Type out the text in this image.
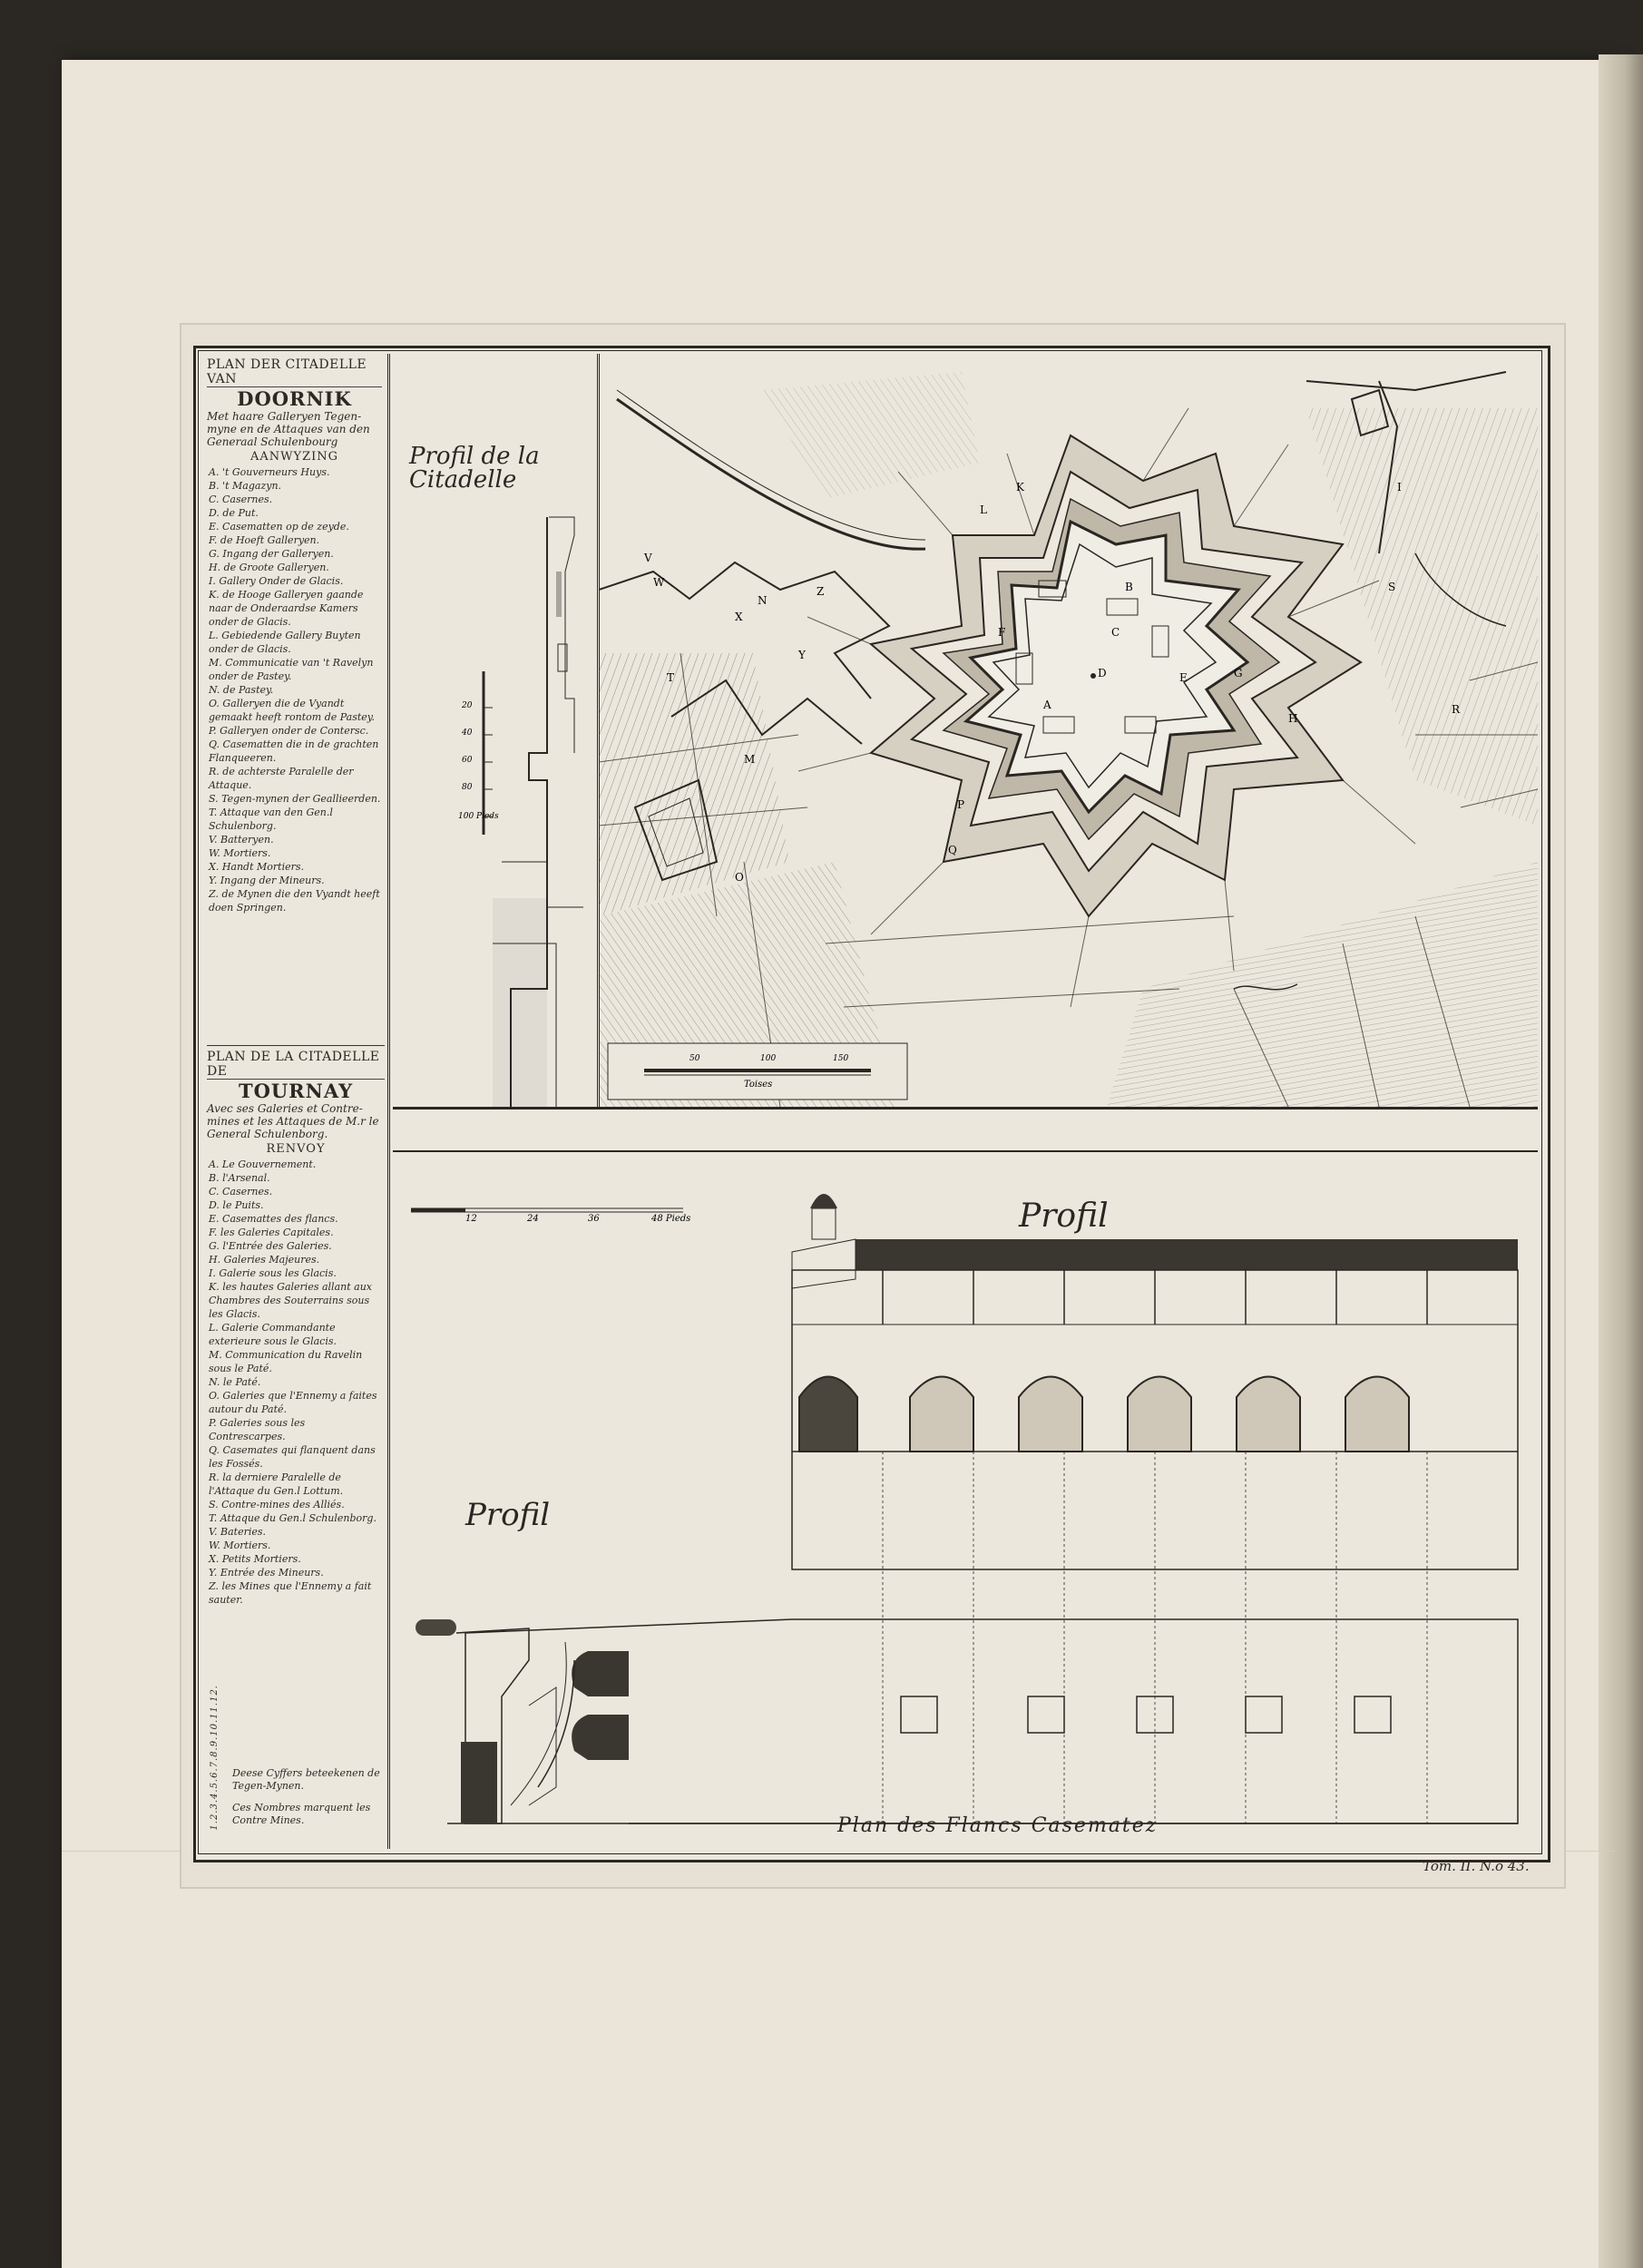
PLAN DER CITADELLE VAN
DOORNIK
Met haare Galleryen Tegen-myne en de Attaques van den Generaal Schulenbourg
AANWYZING
A. 't Gouverneurs Huys.
B. 't Magazyn.
C. Casernes.
D. de Put.
E. Casematten op de zeyde.
F. de Hoeft Galleryen.
G. Ingang der Galleryen.
H. de Groote Galleryen.
I. Gallery Onder de Glacis.
K. de Hooge Galleryen gaande naar de Onderaardse Kamers onder de Glacis.
L. Gebiedende Gallery Buyten onder de Glacis.
M. Communicatie van 't Ravelyn onder de Pastey.
N. de Pastey.
O. Galleryen die de Vyandt gemaakt heeft rontom de Pastey.
P. Galleryen onder de Contersc.
Q. Casematten die in de grachten Flanqueeren.
R. de achterste Paralelle der Attaque.
S. Tegen-mynen der Geallieerden.
T. Attaque van den Gen.l Schulenborg.
V. Batteryen.
W. Mortiers.
X. Handt Mortiers.
Y. Ingang der Mineurs.
Z. de Mynen die den Vyandt heeft doen Springen.
PLAN DE LA CITADELLE DE
TOURNAY
Avec ses Galeries et Contre-mines et les Attaques de M.r le General Schulenborg.
RENVOY
A. Le Gouvernement.
B. l'Arsenal.
C. Casernes.
D. le Puits.
E. Casemattes des flancs.
F. les Galeries Capitales.
G. l'Entrée des Galeries.
H. Galeries Majeures.
I. Galerie sous les Glacis.
K. les hautes Galeries allant aux Chambres des Souterrains sous les Glacis.
L. Galerie Commandante exterieure sous le Glacis.
M. Communication du Ravelin sous le Paté.
N. le Paté.
O. Galeries que l'Ennemy a faites autour du Paté.
P. Galeries sous les Contrescarpes.
Q. Casemates qui flanquent dans les Fossés.
R. la derniere Paralelle de l'Attaque du Gen.l Lottum.
S. Contre-mines des Alliés.
T. Attaque du Gen.l Schulenborg.
V. Bateries.
W. Mortiers.
X. Petits Mortiers.
Y. Entrée des Mineurs.
Z. les Mines que l'Ennemy a fait sauter.
1.2.3.4.5.6.7.8.9.10.11.12. Deese Cyffers beteekenen de Tegen-Mynen.
Ces Nombres marquent les Contre Mines.
Profil de la Citadelle
20
40
60
80
100 Pieds
50	100	150
Toises
A
B
C
D	E
F
G
H
I
K
L
M
N
O
P
Q
R
S
T
V
W
X
Y
Z
12	24	36	48 Pieds	Profil
Profil
Plan des Flancs Casematez
Tom. II. N.o 43.
